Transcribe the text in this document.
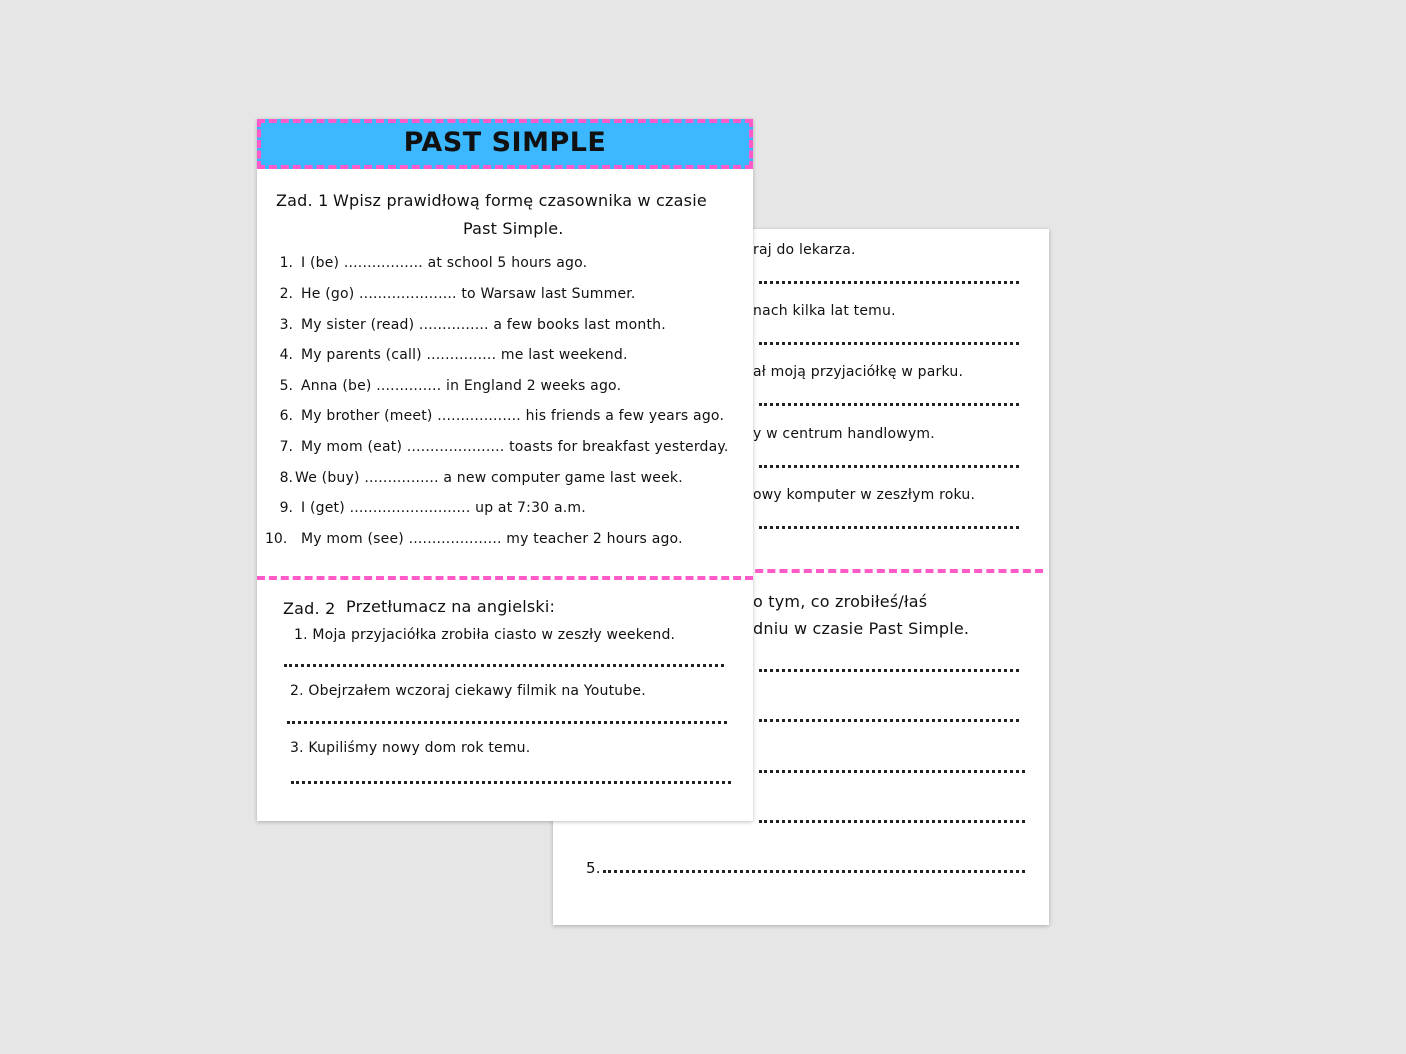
raj do lekarza.
nach kilka lat temu.
ał moją przyjaciółkę w parku.
y w centrum handlowym.
owy komputer w zeszłym roku.
o tym, co zrobiłeś/łaś
dniu w czasie Past Simple.
5.
PAST SIMPLE
Zad. 1 Wpisz prawidłową formę czasownika w czasie
Past Simple.
1. I (be) ................. at school 5 hours ago.
2. He (go) ..................... to Warsaw last Summer.
3. My sister (read) ............... a few books last month.
4. My parents (call) ............... me last weekend.
5. Anna (be) .............. in England 2 weeks ago.
6. My brother (meet) .................. his friends a few years ago.
7. My mom (eat) ..................... toasts for breakfast yesterday.
8. We (buy) ................ a new computer game last week.
9. I (get) .......................... up at 7:30 a.m.
10. My mom (see) .................... my teacher 2 hours ago.
Zad. 2 Przetłumacz na angielski:
1. Moja przyjaciółka zrobiła ciasto w zeszły weekend.
2. Obejrzałem wczoraj ciekawy filmik na Youtube.
3. Kupiliśmy nowy dom rok temu.
